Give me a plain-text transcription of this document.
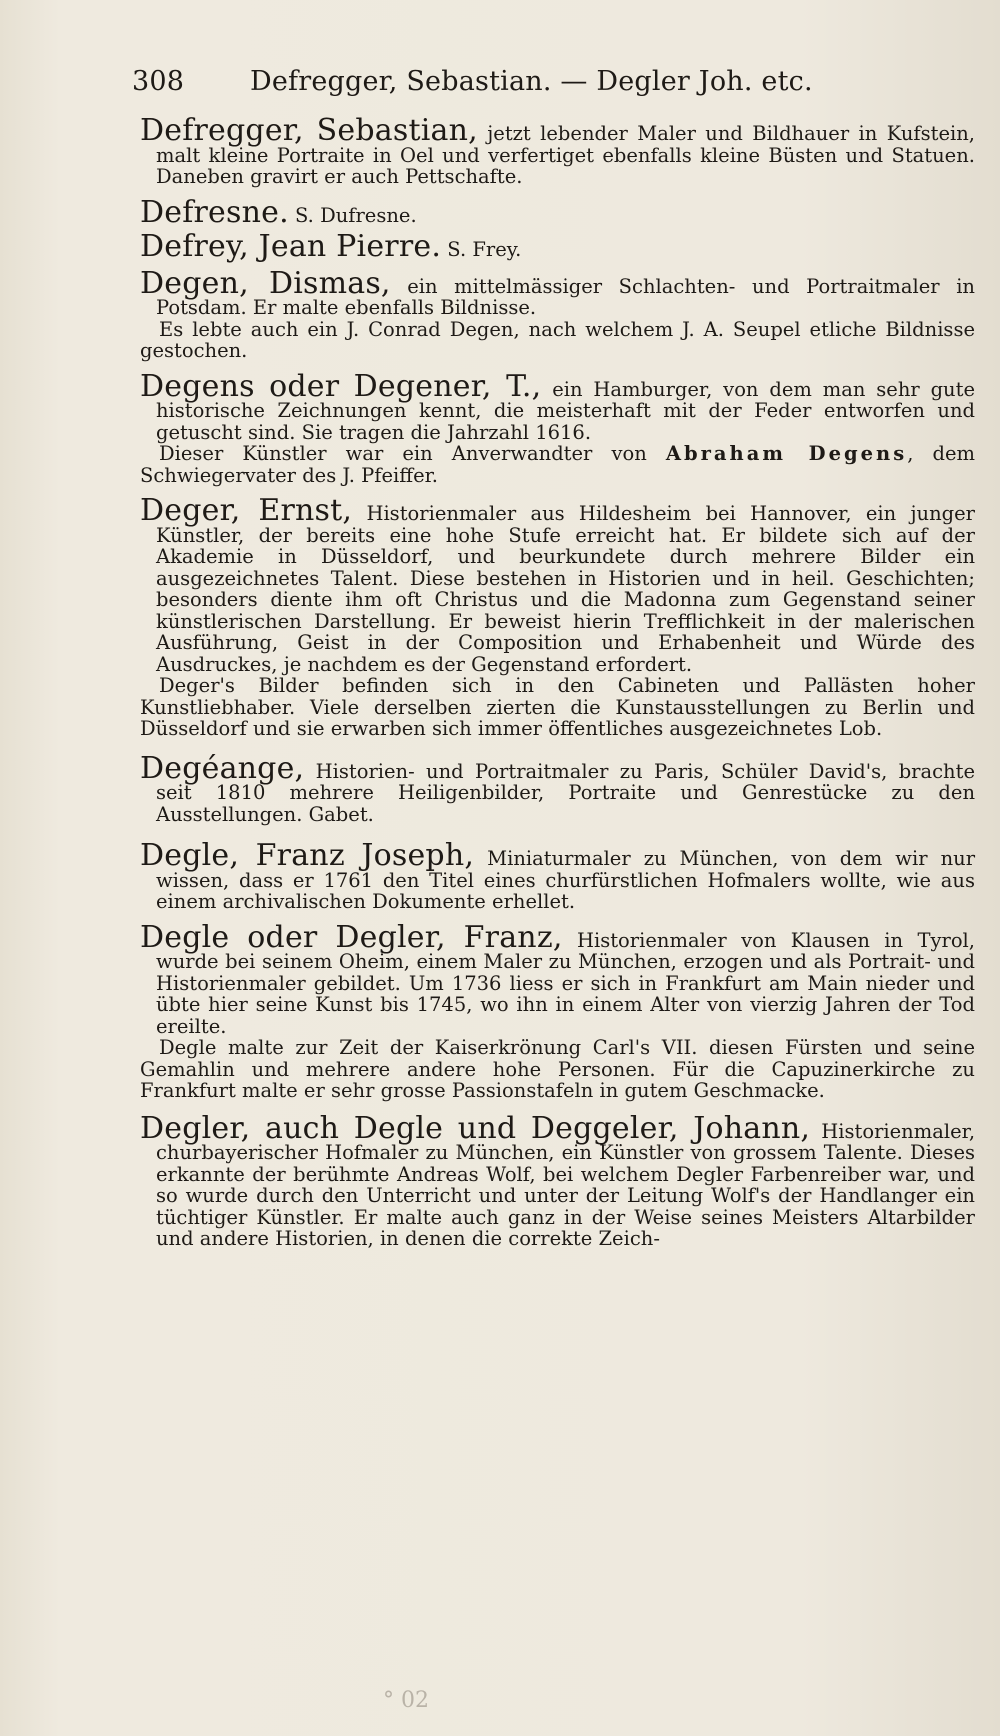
308 Defregger, Sebastian. — Degler Joh. etc.

Defregger, Sebastian, jetzt lebender Maler und Bildhauer in Kufstein, malt kleine Portraite in Oel und verfertiget ebenfalls kleine Büsten und Statuen. Daneben gravirt er auch Pettschafte.

Defresne. S. Dufresne.

Defrey, Jean Pierre. S. Frey.

Degen, Dismas, ein mittelmässiger Schlachten- und Portraitmaler in Potsdam. Er malte ebenfalls Bildnisse.

Es lebte auch ein J. Conrad Degen, nach welchem J. A. Seupel etliche Bildnisse gestochen.

Degens oder Degener, T., ein Hamburger, von dem man sehr gute historische Zeichnungen kennt, die meisterhaft mit der Feder entworfen und getuscht sind. Sie tragen die Jahrzahl 1616.

Dieser Künstler war ein Anverwandter von Abraham Degens, dem Schwiegervater des J. Pfeiffer.

Deger, Ernst, Historienmaler aus Hildesheim bei Hannover, ein junger Künstler, der bereits eine hohe Stufe erreicht hat. Er bildete sich auf der Akademie in Düsseldorf, und beurkundete durch mehrere Bilder ein ausgezeichnetes Talent. Diese bestehen in Historien und in heil. Geschichten; besonders diente ihm oft Christus und die Madonna zum Gegenstand seiner künstlerischen Darstellung. Er beweist hierin Trefflichkeit in der malerischen Ausführung, Geist in der Composition und Erhabenheit und Würde des Ausdruckes, je nachdem es der Gegenstand erfordert.

Deger's Bilder befinden sich in den Cabineten und Pallästen hoher Kunstliebhaber. Viele derselben zierten die Kunstausstellungen zu Berlin und Düsseldorf und sie erwarben sich immer öffentliches ausgezeichnetes Lob.

Degéange, Historien- und Portraitmaler zu Paris, Schüler David's, brachte seit 1810 mehrere Heiligenbilder, Portraite und Genrestücke zu den Ausstellungen. Gabet.

Degle, Franz Joseph, Miniaturmaler zu München, von dem wir nur wissen, dass er 1761 den Titel eines churfürstlichen Hofmalers wollte, wie aus einem archivalischen Dokumente erhellet.

Degle oder Degler, Franz, Historienmaler von Klausen in Tyrol, wurde bei seinem Oheim, einem Maler zu München, erzogen und als Portrait- und Historienmaler gebildet. Um 1736 liess er sich in Frankfurt am Main nieder und übte hier seine Kunst bis 1745, wo ihn in einem Alter von vierzig Jahren der Tod ereilte.

Degle malte zur Zeit der Kaiserkrönung Carl's VII. diesen Fürsten und seine Gemahlin und mehrere andere hohe Personen. Für die Capuzinerkirche zu Frankfurt malte er sehr grosse Passionstafeln in gutem Geschmacke.

Degler, auch Degle und Deggeler, Johann, Historienmaler, churbayerischer Hofmaler zu München, ein Künstler von grossem Talente. Dieses erkannte der berühmte Andreas Wolf, bei welchem Degler Farbenreiber war, und so wurde durch den Unterricht und unter der Leitung Wolf's der Handlanger ein tüchtiger Künstler. Er malte auch ganz in der Weise seines Meisters Altarbilder und andere Historien, in denen die correkte Zeich-

° 02
